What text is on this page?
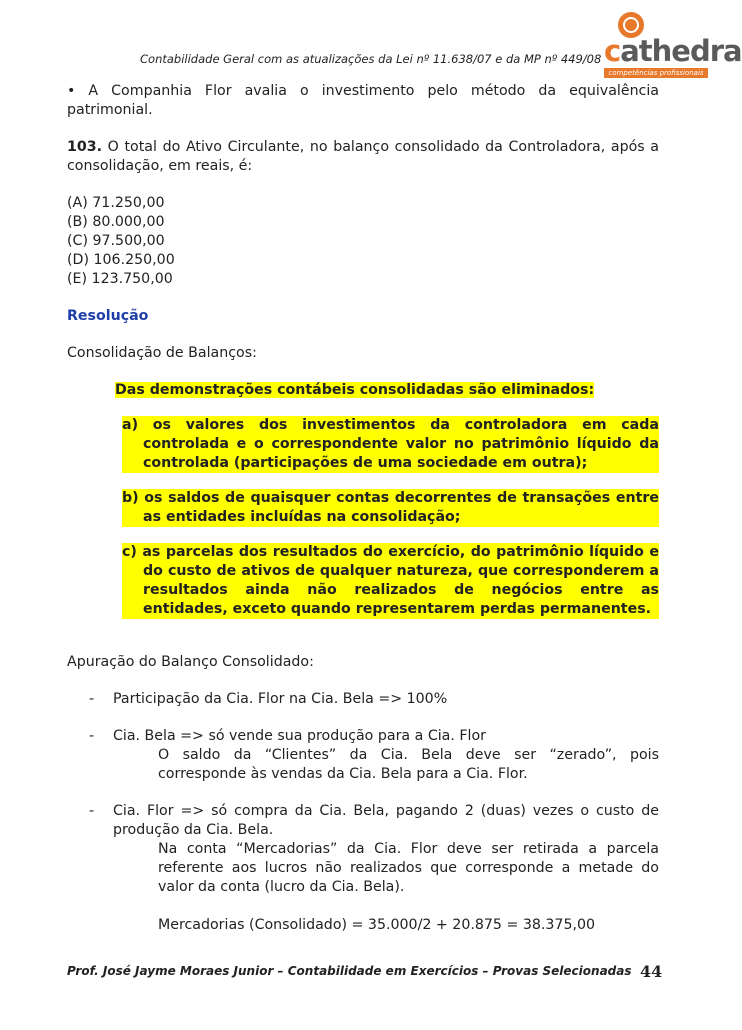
Contabilidade Geral com as atualizações da Lei nº 11.638/07 e da MP nº 449/08 cathedra
competências profissionais

• A Companhia Flor avalia o investimento pelo método da equivalência patrimonial.

103. O total do Ativo Circulante, no balanço consolidado da Controladora, após a consolidação, em reais, é:

(A) 71.250,00
(B) 80.000,00
(C) 97.500,00
(D) 106.250,00
(E) 123.750,00

Resolução

Consolidação de Balanços:

Das demonstrações contábeis consolidadas são eliminados:

a) os valores dos investimentos da controladora em cada controlada e o correspondente valor no patrimônio líquido da controlada (participações de uma sociedade em outra);

b) os saldos de quaisquer contas decorrentes de transações entre as entidades incluídas na consolidação;

c) as parcelas dos resultados do exercício, do patrimônio líquido e do custo de ativos de qualquer natureza, que corresponderem a resultados ainda não realizados de negócios entre as entidades, exceto quando representarem perdas permanentes.

Apuração do Balanço Consolidado:

- Participação da Cia. Flor na Cia. Bela => 100%
- Cia. Bela => só vende sua produção para a Cia. Flor
O saldo da “Clientes” da Cia. Bela deve ser “zerado”, pois corresponde às vendas da Cia. Bela para a Cia. Flor.
- Cia. Flor => só compra da Cia. Bela, pagando 2 (duas) vezes o custo de produção da Cia. Bela.
Na conta “Mercadorias” da Cia. Flor deve ser retirada a parcela referente aos lucros não realizados que corresponde a metade do valor da conta (lucro da Cia. Bela).
Mercadorias (Consolidado) = 35.000/2 + 20.875 = 38.375,00
Prof. José Jayme Moraes Junior – Contabilidade em Exercícios – Provas Selecionadas 44
